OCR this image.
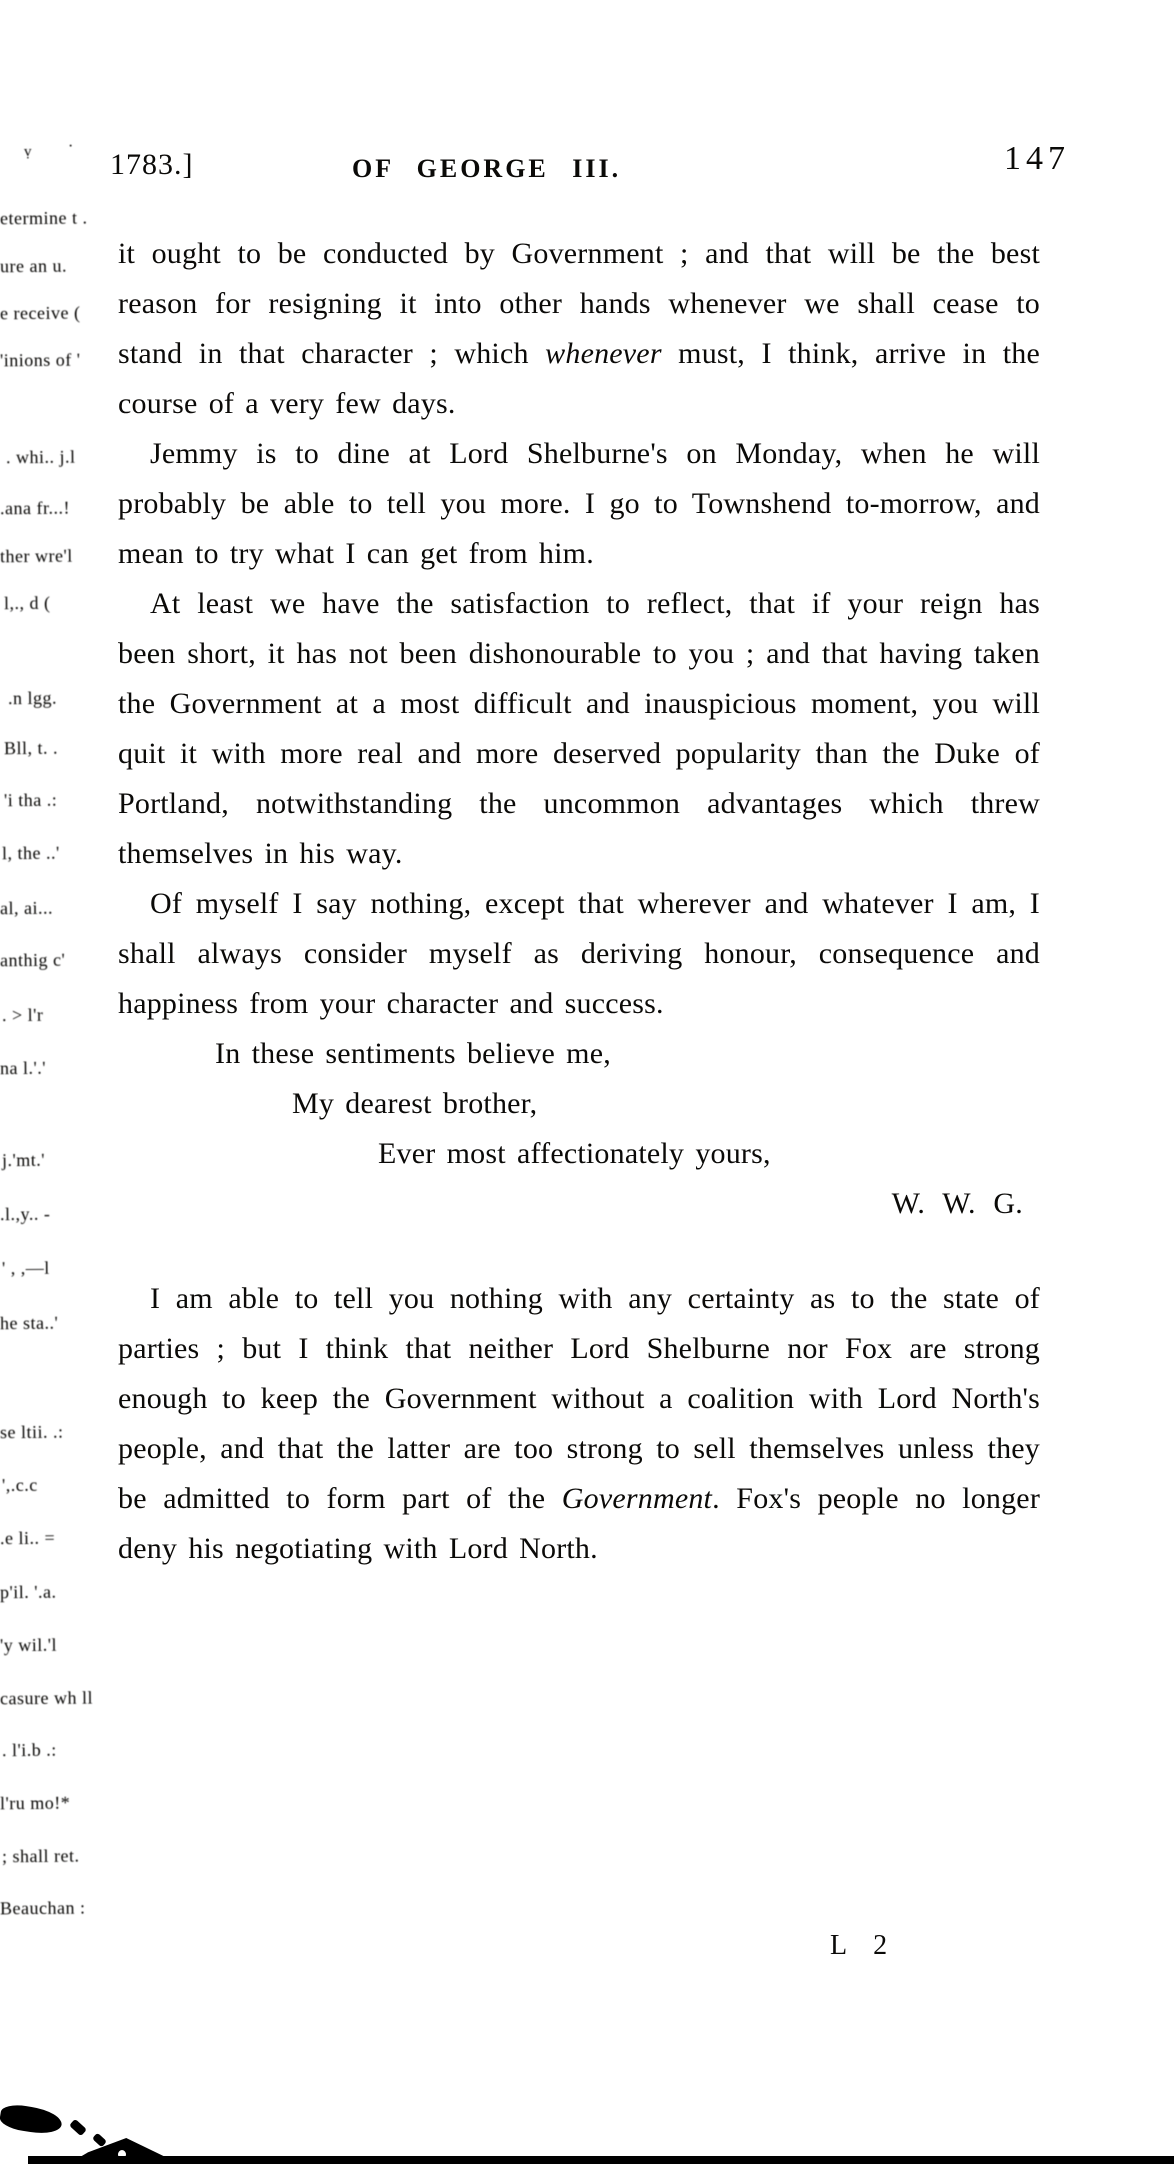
1783.]	OF GEORGE III.	147
·
ṿ
etermine t .
ure an u.
e receive (
'inions of '
. whi.. j.l
.ana fr...!
ther wre'l
l,., d (
.n lgg.
Bll, t. .
'i tha .:
l, the ..'
al, ai...
anthig c'
. > l'r
na l.'.'
j.'mt.'
.l.,y.. -
' , ,—l
he sta..'
se ltii. .:
',.c.c
.e li.. =
p'il. '.a.
'y wil.'l
casure wh ll
. l'i.b .:
l'ru mo!*
; shall ret.
Beauchan :

it ought to be conducted by Government ; and that will be the best reason for resigning it into other hands whenever we shall cease to stand in that character ; which whenever must, I think, arrive in the course of a very few days.

Jemmy is to dine at Lord Shelburne's on Monday, when he will probably be able to tell you more. I go to Townshend to-morrow, and mean to try what I can get from him.

At least we have the satisfaction to reflect, that if your reign has been short, it has not been dishonourable to you ; and that having taken the Government at a most difficult and inauspicious moment, you will quit it with more real and more deserved popularity than the Duke of Portland, notwithstanding the uncommon advantages which threw themselves in his way.

Of myself I say nothing, except that wherever and whatever I am, I shall always consider myself as deriving honour, consequence and happiness from your character and success.

In these sentiments believe me,
My dearest brother,
Ever most affectionately yours,
W. W. G.

I am able to tell you nothing with any certainty as to the state of parties ; but I think that neither Lord Shelburne nor Fox are strong enough to keep the Government without a coalition with Lord North's people, and that the latter are too strong to sell themselves unless they be admitted to form part of the Government. Fox's people no longer deny his negotiating with Lord North.

L 2
